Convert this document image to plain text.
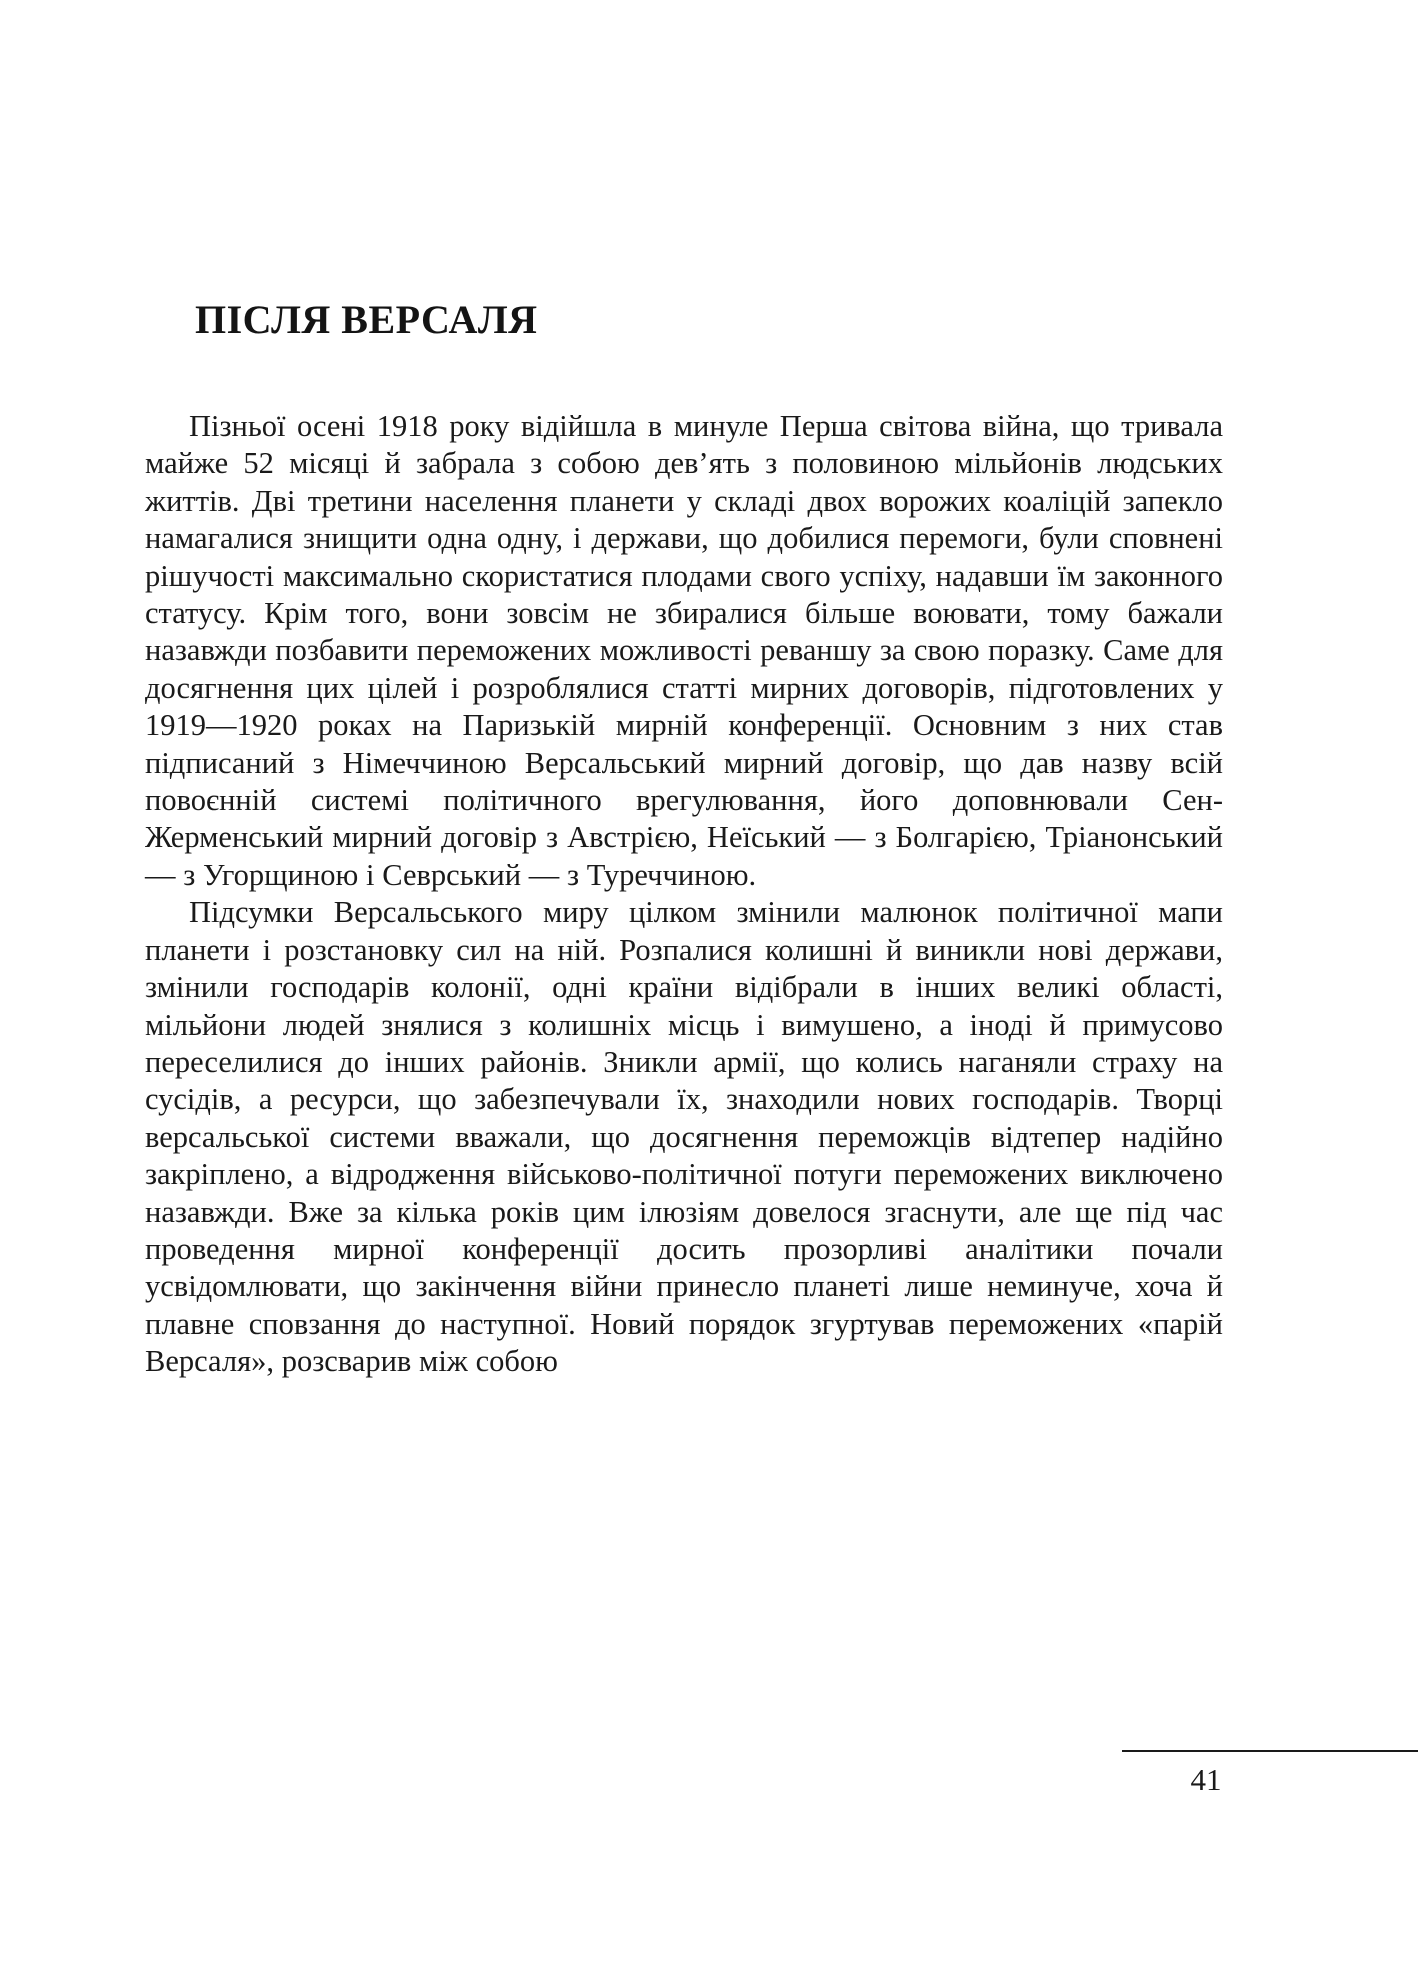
ПІСЛЯ ВЕРСАЛЯ

Пізньої осені 1918 року відійшла в минуле Перша світова війна, що тривала майже 52 місяці й забрала з собою дев’ять з половиною мільйонів людських життів. Дві третини населення планети у складі двох ворожих коаліцій запекло намагалися знищити одна одну, і держави, що добилися перемоги, були сповнені рішучості максимально скористатися плодами свого успіху, надавши їм законного статусу. Крім того, вони зовсім не збиралися більше воювати, тому бажали назавжди позбавити переможених можливості реваншу за свою поразку. Саме для досягнення цих цілей і розроблялися статті мирних договорів, підготовлених у 1919—1920 роках на Паризькій мирній конференції. Основним з них став підписаний з Німеччиною Версальський мирний договір, що дав назву всій повоєнній системі політичного врегулювання, його доповнювали Сен-Жерменський мирний договір з Австрією, Неїський — з Болгарією, Тріанонський — з Угорщиною і Севрський — з Туреччиною.

Підсумки Версальського миру цілком змінили малюнок політичної мапи планети і розстановку сил на ній. Розпалися колишні й виникли нові держави, змінили господарів колонії, одні країни відібрали в інших великі області, мільйони людей знялися з колишніх місць і вимушено, а іноді й примусово переселилися до інших районів. Зникли армії, що колись наганяли страху на сусідів, а ресурси, що забезпечували їх, знаходили нових господарів. Творці версальської системи вважали, що досягнення переможців відтепер надійно закріплено, а відродження військово-політичної потуги переможених виключено назавжди. Вже за кілька років цим ілюзіям довелося згаснути, але ще під час проведення мирної конференції досить прозорливі аналітики почали усвідомлювати, що закінчення війни принесло планеті лише неминуче, хоча й плавне сповзання до наступної. Новий порядок згуртував переможених «парій Версаля», розсварив між собою

41
